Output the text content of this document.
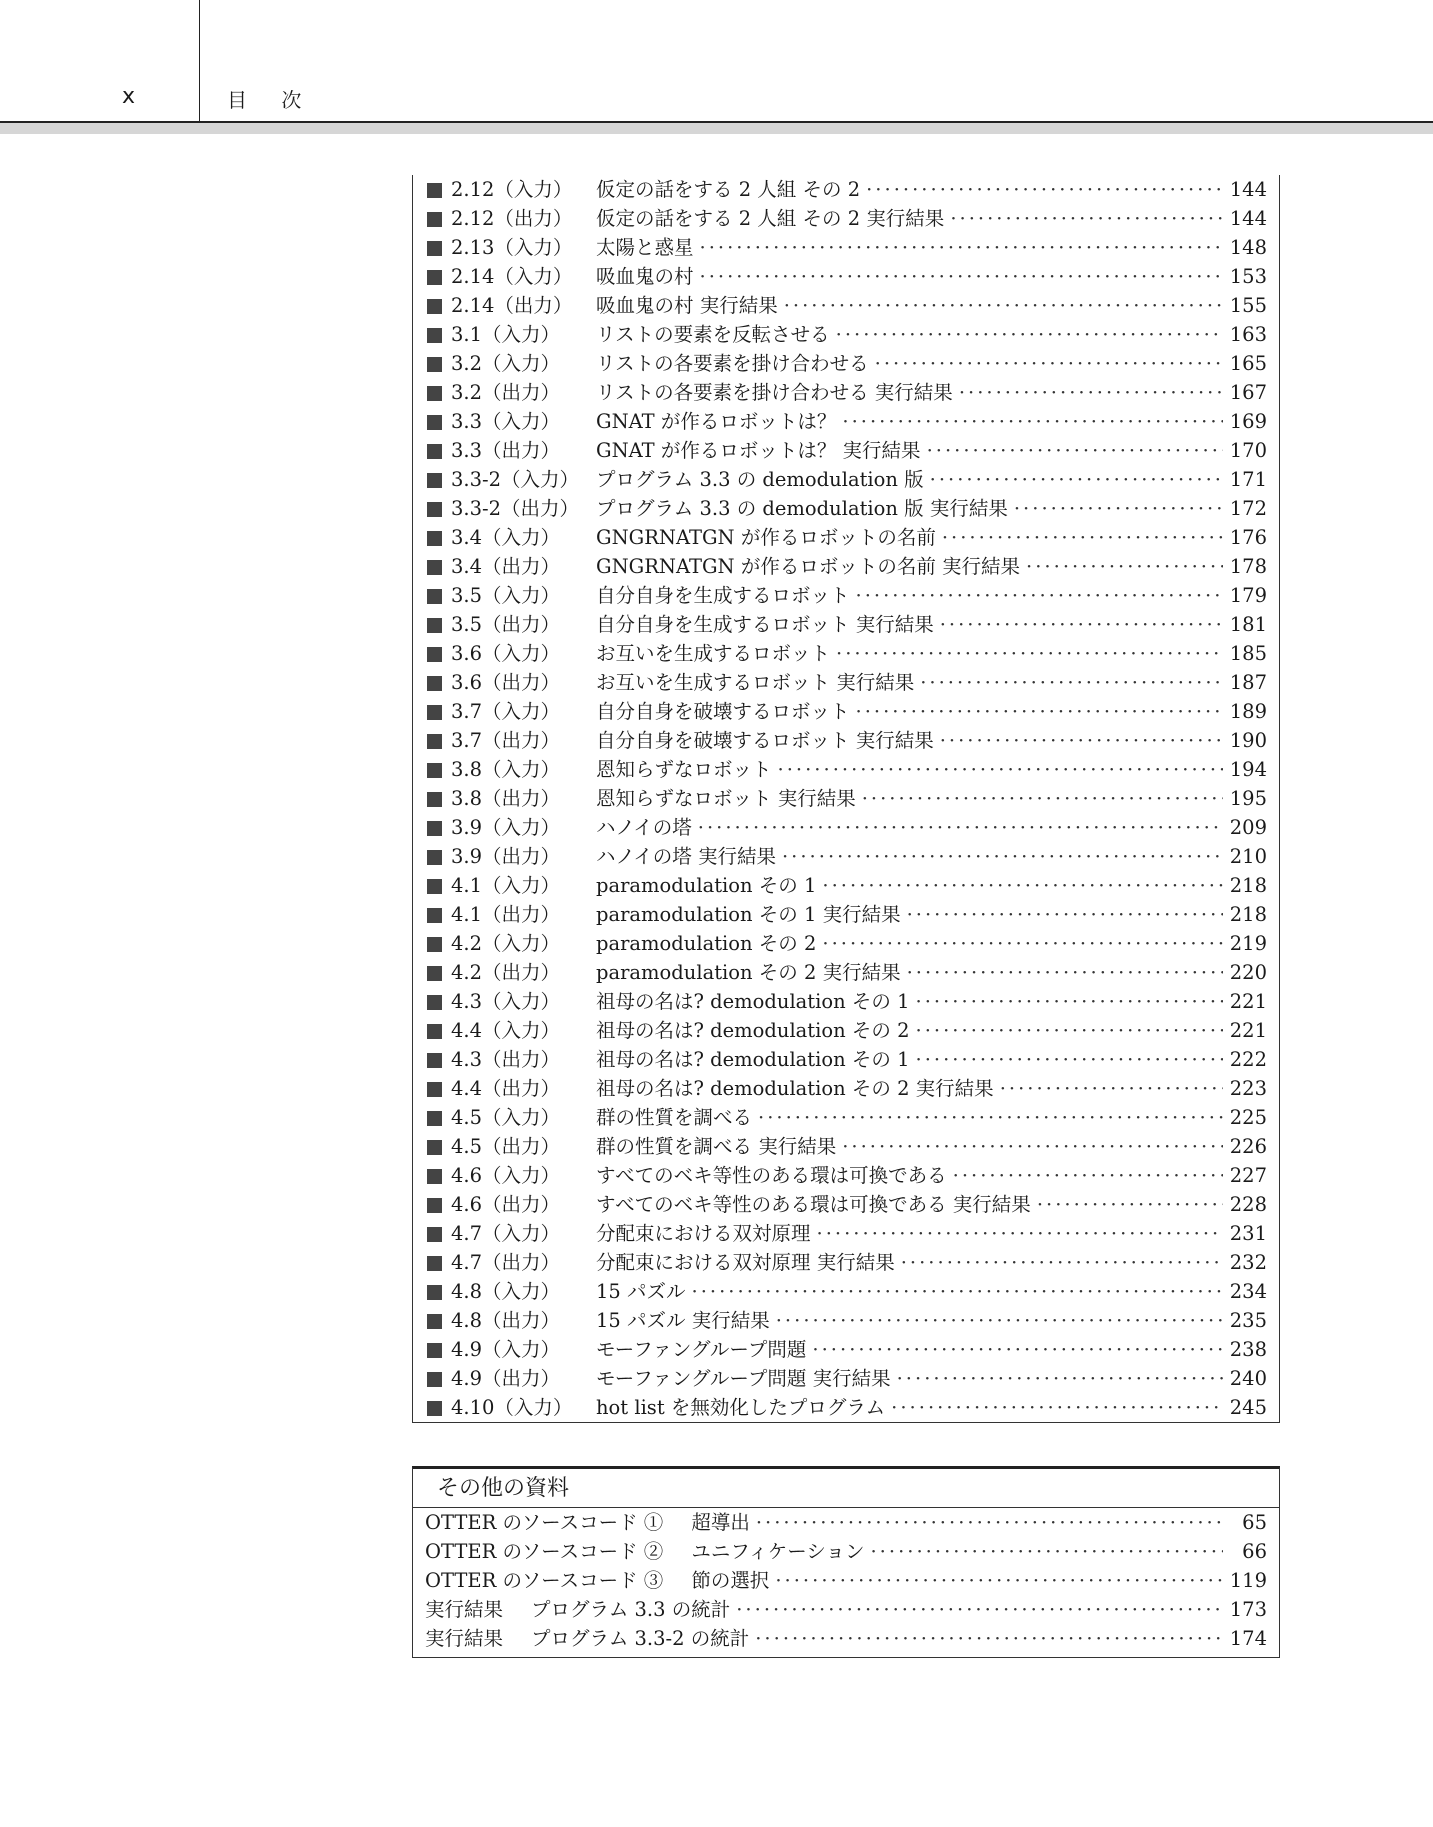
x	目 次
2.12（入力） 仮定の話をする 2 人組 その 2 ·····	144
2.12（出力） 仮定の話をする 2 人組 その 2 実行結果 ·····	144
2.13（入力） 太陽と惑星 ·····	148
2.14（入力） 吸血鬼の村 ·····	153
2.14（出力） 吸血鬼の村 実行結果 ·····	155
3.1（入力） リストの要素を反転させる ·····	163
3.2（入力） リストの各要素を掛け合わせる ·····	165
3.2（出力） リストの各要素を掛け合わせる 実行結果 ·····	167
3.3（入力） GNAT が作るロボットは？ ·····	169
3.3（出力） GNAT が作るロボットは？ 実行結果 ·····	170
3.3-2（入力） プログラム 3.3 の demodulation 版 ·····	171
3.3-2（出力） プログラム 3.3 の demodulation 版 実行結果 ·····	172
3.4（入力） GNGRNATGN が作るロボットの名前 ·····	176
3.4（出力） GNGRNATGN が作るロボットの名前 実行結果 ·····	178
3.5（入力） 自分自身を生成するロボット ·····	179
3.5（出力） 自分自身を生成するロボット 実行結果 ·····	181
3.6（入力） お互いを生成するロボット ·····	185
3.6（出力） お互いを生成するロボット 実行結果 ·····	187
3.7（入力） 自分自身を破壊するロボット ·····	189
3.7（出力） 自分自身を破壊するロボット 実行結果 ·····	190
3.8（入力） 恩知らずなロボット ·····	194
3.8（出力） 恩知らずなロボット 実行結果 ·····	195
3.9（入力） ハノイの塔 ·····	209
3.9（出力） ハノイの塔 実行結果 ·····	210
4.1（入力） paramodulation その 1 ·····	218
4.1（出力） paramodulation その 1 実行結果 ·····	218
4.2（入力） paramodulation その 2 ·····	219
4.2（出力） paramodulation その 2 実行結果 ·····	220
4.3（入力） 祖母の名は? demodulation その 1 ·····	221
4.4（入力） 祖母の名は? demodulation その 2 ·····	221
4.3（出力） 祖母の名は? demodulation その 1 ·····	222
4.4（出力） 祖母の名は? demodulation その 2 実行結果 ·····	223
4.5（入力） 群の性質を調べる ·····	225
4.5（出力） 群の性質を調べる 実行結果 ·····	226
4.6（入力） すべてのベキ等性のある環は可換である ·····	227
4.6（出力） すべてのベキ等性のある環は可換である 実行結果 ·····	228
4.7（入力） 分配束における双対原理 ·····	231
4.7（出力） 分配束における双対原理 実行結果 ·····	232
4.8（入力） 15 パズル ·····	234
4.8（出力） 15 パズル 実行結果 ·····	235
4.9（入力） モーファングループ問題 ·····	238
4.9（出力） モーファングループ問題 実行結果 ·····	240
4.10（入力） hot list を無効化したプログラム ·····	245
その他の資料
OTTER のソースコード ①	超導出 ·····	65
OTTER のソースコード ②	ユニフィケーション ·····	66
OTTER のソースコード ③	節の選択 ·····	119
実行結果	プログラム 3.3 の統計 ·····	173
実行結果	プログラム 3.3-2 の統計 ·····	174
